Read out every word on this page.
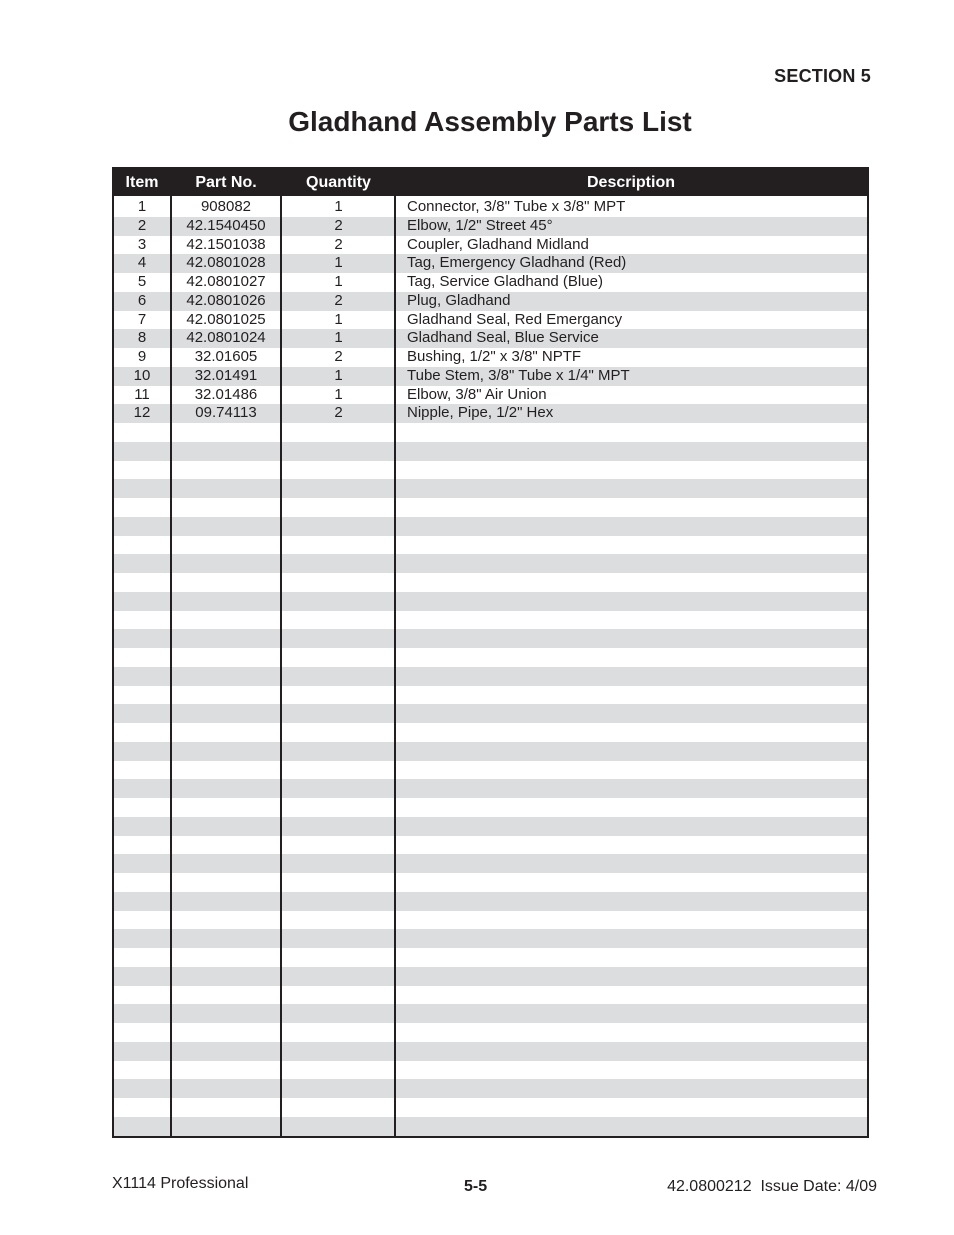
SECTION 5
Gladhand Assembly Parts List
Item	Part No.	Quantity	Description
1	908082	1	Connector, 3/8" Tube x 3/8" MPT
2	42.1540450	2	Elbow, 1/2" Street 45°
3	42.1501038	2	Coupler, Gladhand Midland
4	42.0801028	1	Tag, Emergency Gladhand (Red)
5	42.0801027	1	Tag, Service Gladhand (Blue)
6	42.0801026	2	Plug, Gladhand
7	42.0801025	1	Gladhand Seal, Red Emergancy
8	42.0801024	1	Gladhand Seal, Blue Service
9	32.01605	2	Bushing, 1/2" x 3/8" NPTF
10	32.01491	1	Tube Stem, 3/8" Tube x 1/4" MPT
11	32.01486	1	Elbow, 3/8" Air Union
12	09.74113	2	Nipple, Pipe, 1/2" Hex
X1114 Professional	5-5	42.0800212  Issue Date: 4/09
